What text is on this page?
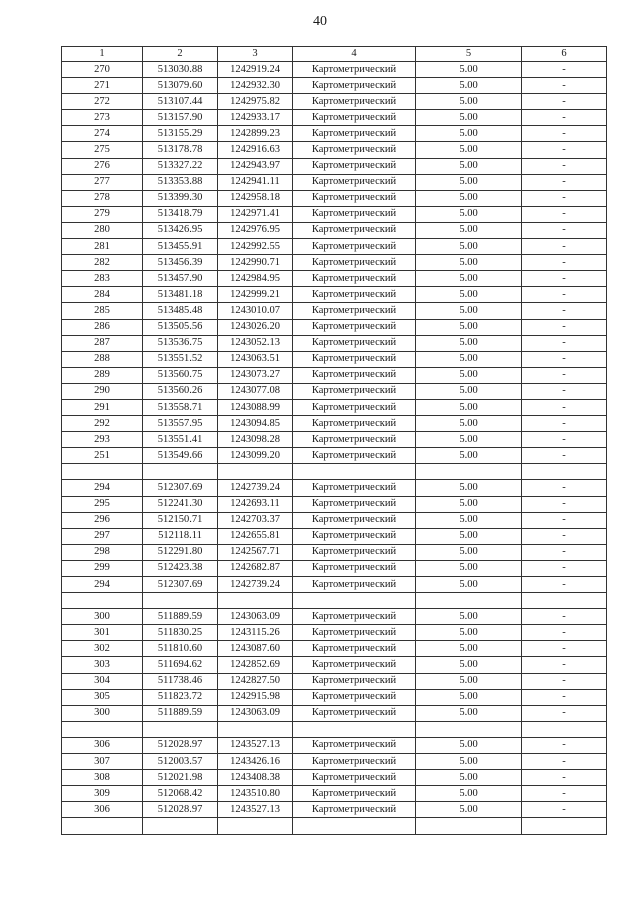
40
1	2	3	4	5	6
270	513030.88	1242919.24	Картометрический	5.00	-
271	513079.60	1242932.30	Картометрический	5.00	-
272	513107.44	1242975.82	Картометрический	5.00	-
273	513157.90	1242933.17	Картометрический	5.00	-
274	513155.29	1242899.23	Картометрический	5.00	-
275	513178.78	1242916.63	Картометрический	5.00	-
276	513327.22	1242943.97	Картометрический	5.00	-
277	513353.88	1242941.11	Картометрический	5.00	-
278	513399.30	1242958.18	Картометрический	5.00	-
279	513418.79	1242971.41	Картометрический	5.00	-
280	513426.95	1242976.95	Картометрический	5.00	-
281	513455.91	1242992.55	Картометрический	5.00	-
282	513456.39	1242990.71	Картометрический	5.00	-
283	513457.90	1242984.95	Картометрический	5.00	-
284	513481.18	1242999.21	Картометрический	5.00	-
285	513485.48	1243010.07	Картометрический	5.00	-
286	513505.56	1243026.20	Картометрический	5.00	-
287	513536.75	1243052.13	Картометрический	5.00	-
288	513551.52	1243063.51	Картометрический	5.00	-
289	513560.75	1243073.27	Картометрический	5.00	-
290	513560.26	1243077.08	Картометрический	5.00	-
291	513558.71	1243088.99	Картометрический	5.00	-
292	513557.95	1243094.85	Картометрический	5.00	-
293	513551.41	1243098.28	Картометрический	5.00	-
251	513549.66	1243099.20	Картометрический	5.00	-

294	512307.69	1242739.24	Картометрический	5.00	-
295	512241.30	1242693.11	Картометрический	5.00	-
296	512150.71	1242703.37	Картометрический	5.00	-
297	512118.11	1242655.81	Картометрический	5.00	-
298	512291.80	1242567.71	Картометрический	5.00	-
299	512423.38	1242682.87	Картометрический	5.00	-
294	512307.69	1242739.24	Картометрический	5.00	-

300	511889.59	1243063.09	Картометрический	5.00	-
301	511830.25	1243115.26	Картометрический	5.00	-
302	511810.60	1243087.60	Картометрический	5.00	-
303	511694.62	1242852.69	Картометрический	5.00	-
304	511738.46	1242827.50	Картометрический	5.00	-
305	511823.72	1242915.98	Картометрический	5.00	-
300	511889.59	1243063.09	Картометрический	5.00	-

306	512028.97	1243527.13	Картометрический	5.00	-
307	512003.57	1243426.16	Картометрический	5.00	-
308	512021.98	1243408.38	Картометрический	5.00	-
309	512068.42	1243510.80	Картометрический	5.00	-
306	512028.97	1243527.13	Картометрический	5.00	-
